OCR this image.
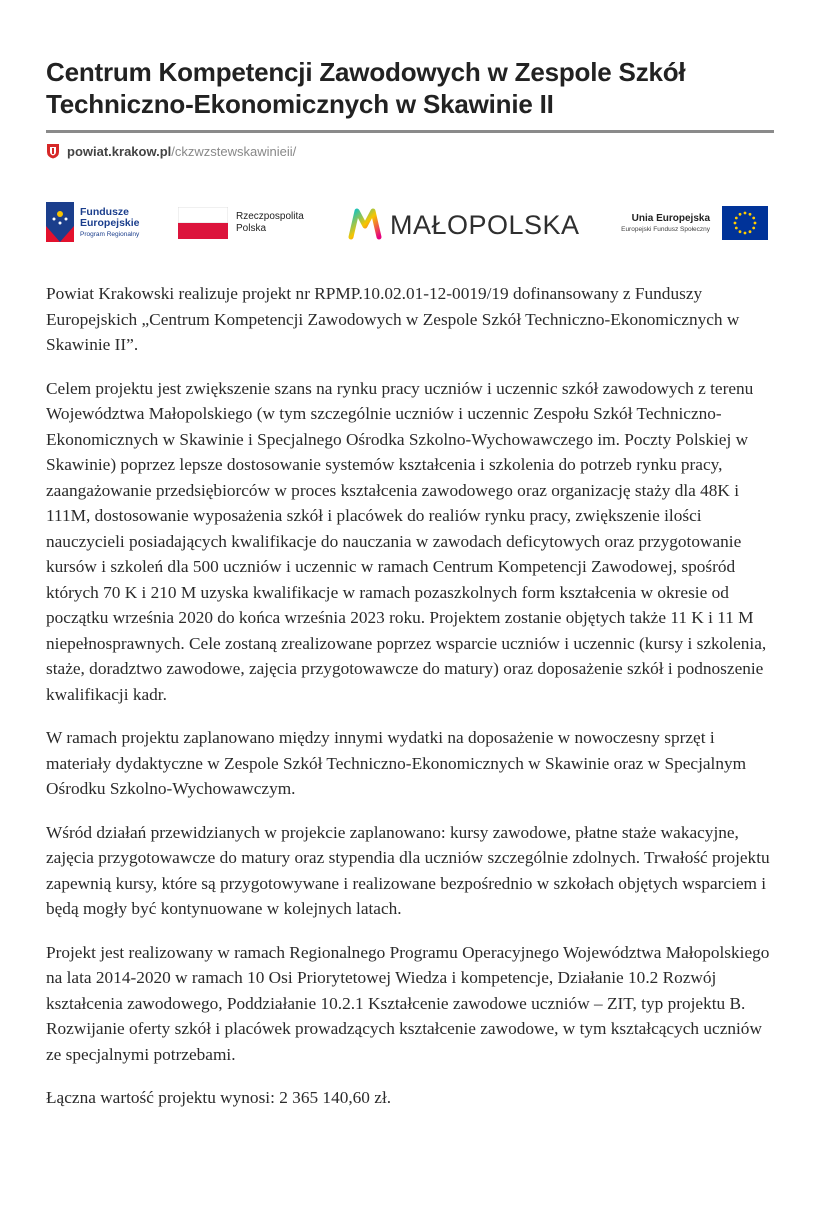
Centrum Kompetencji Zawodowych w Zespole Szkół Techniczno-Ekonomicznych w Skawinie II
powiat.krakow.pl /ckzwzstewskawinieii/
Fundusze
Europejskie
Program Regionalny
Rzeczpospolita
Polska	MAŁOPOLSKA	Unia Europejska
Europejski Fundusz Społeczny

Powiat Krakowski realizuje projekt nr RPMP.10.02.01-12-0019/19 dofinansowany z Funduszy Europejskich „Centrum Kompetencji Zawodowych w Zespole Szkół Techniczno-Ekonomicznych w Skawinie II”.

Celem projektu jest zwiększenie szans na rynku pracy uczniów i uczennic szkół zawodowych z terenu Województwa Małopolskiego (w tym szczególnie uczniów i uczennic Zespołu Szkół Techniczno-Ekonomicznych w Skawinie i Specjalnego Ośrodka Szkolno-Wychowawczego im. Poczty Polskiej w Skawinie) poprzez lepsze dostosowanie systemów kształcenia i szkolenia do potrzeb rynku pracy, zaangażowanie przedsiębiorców w proces kształcenia zawodowego oraz organizację staży dla 48K i 111M, dostosowanie wyposażenia szkół i placówek do realiów rynku pracy, zwiększenie ilości nauczycieli posiadających kwalifikacje do nauczania w zawodach deficytowych oraz przygotowanie kursów i szkoleń dla 500 uczniów i uczennic w ramach Centrum Kompetencji Zawodowej, spośród których 70 K i 210 M uzyska kwalifikacje w ramach pozaszkolnych form kształcenia w okresie od początku września 2020 do końca września 2023 roku. Projektem zostanie objętych także 11 K i 11 M niepełnosprawnych. Cele zostaną zrealizowane poprzez wsparcie uczniów i uczennic (kursy i szkolenia, staże, doradztwo zawodowe, zajęcia przygotowawcze do matury) oraz doposażenie szkół i podnoszenie kwalifikacji kadr.

W ramach projektu zaplanowano między innymi wydatki na doposażenie w nowoczesny sprzęt i materiały dydaktyczne w Zespole Szkół Techniczno-Ekonomicznych w Skawinie oraz w Specjalnym Ośrodku Szkolno-Wychowawczym.

Wśród działań przewidzianych w projekcie zaplanowano: kursy zawodowe, płatne staże wakacyjne, zajęcia przygotowawcze do matury oraz stypendia dla uczniów szczególnie zdolnych. Trwałość projektu zapewnią kursy, które są przygotowywane i realizowane bezpośrednio w szkołach objętych wsparciem i będą mogły być kontynuowane w kolejnych latach.

Projekt jest realizowany w ramach Regionalnego Programu Operacyjnego Województwa Małopolskiego na lata 2014-2020 w ramach 10 Osi Priorytetowej Wiedza i kompetencje, Działanie 10.2 Rozwój kształcenia zawodowego, Poddziałanie 10.2.1 Kształcenie zawodowe uczniów – ZIT, typ projektu B. Rozwijanie oferty szkół i placówek prowadzących kształcenie zawodowe, w tym kształcących uczniów ze specjalnymi potrzebami.

Łączna wartość projektu wynosi: 2 365 140,60 zł.
